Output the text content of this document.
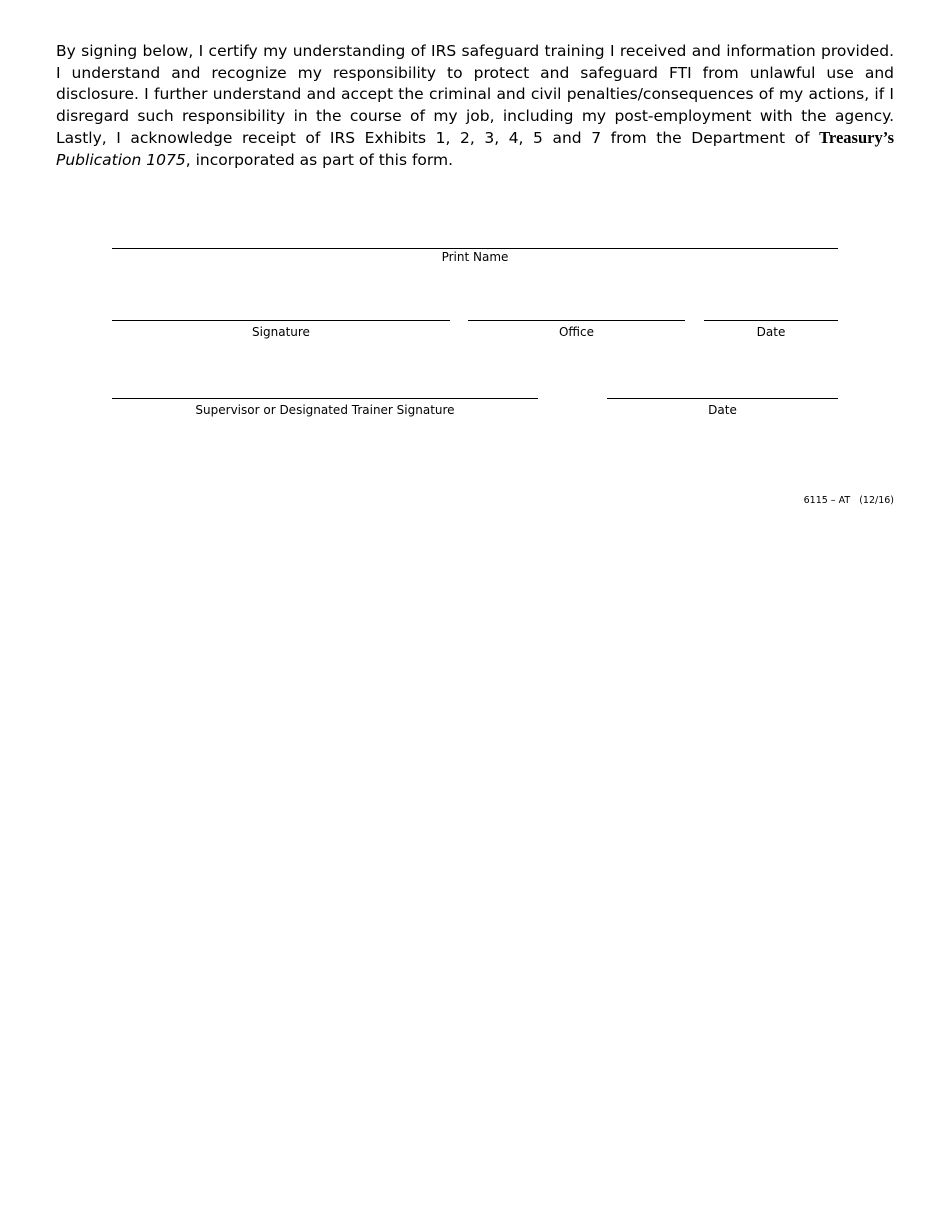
By signing below, I certify my understanding of IRS safeguard training I received and information provided. I understand and recognize my responsibility to protect and safeguard FTI from unlawful use and disclosure. I further understand and accept the criminal and civil penalties/consequences of my actions, if I disregard such responsibility in the course of my job, including my post-employment with the agency. Lastly, I acknowledge receipt of IRS Exhibits 1, 2, 3, 4, 5 and 7 from the Department of Treasury’s Publication 1075, incorporated as part of this form.

Print Name
Signature	Office	Date
Supervisor or Designated Trainer Signature	Date
6115 – AT   (12/16)
